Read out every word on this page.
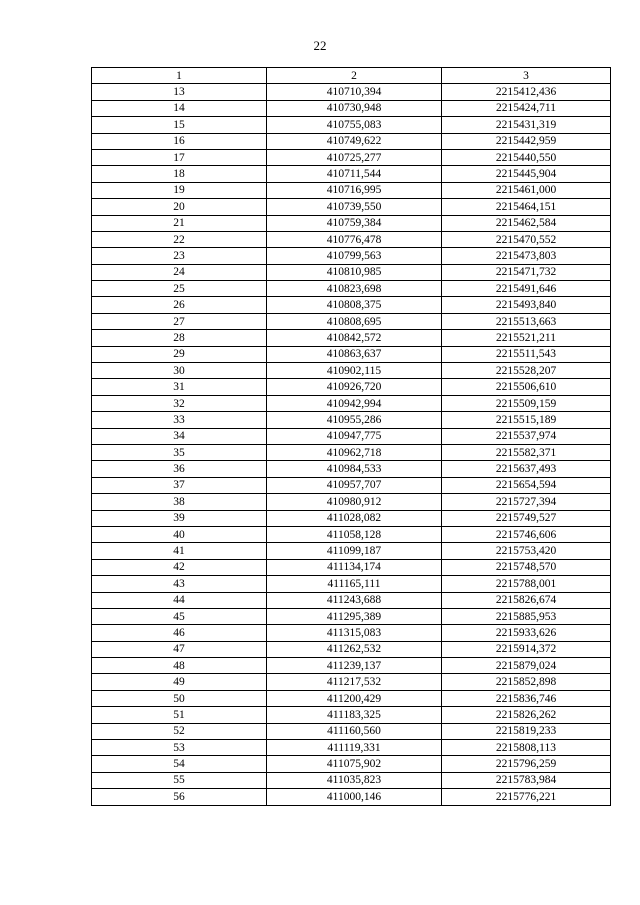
22
1	2	3
13	410710,394	2215412,436
14	410730,948	2215424,711
15	410755,083	2215431,319
16	410749,622	2215442,959
17	410725,277	2215440,550
18	410711,544	2215445,904
19	410716,995	2215461,000
20	410739,550	2215464,151
21	410759,384	2215462,584
22	410776,478	2215470,552
23	410799,563	2215473,803
24	410810,985	2215471,732
25	410823,698	2215491,646
26	410808,375	2215493,840
27	410808,695	2215513,663
28	410842,572	2215521,211
29	410863,637	2215511,543
30	410902,115	2215528,207
31	410926,720	2215506,610
32	410942,994	2215509,159
33	410955,286	2215515,189
34	410947,775	2215537,974
35	410962,718	2215582,371
36	410984,533	2215637,493
37	410957,707	2215654,594
38	410980,912	2215727,394
39	411028,082	2215749,527
40	411058,128	2215746,606
41	411099,187	2215753,420
42	411134,174	2215748,570
43	411165,111	2215788,001
44	411243,688	2215826,674
45	411295,389	2215885,953
46	411315,083	2215933,626
47	411262,532	2215914,372
48	411239,137	2215879,024
49	411217,532	2215852,898
50	411200,429	2215836,746
51	411183,325	2215826,262
52	411160,560	2215819,233
53	411119,331	2215808,113
54	411075,902	2215796,259
55	411035,823	2215783,984
56	411000,146	2215776,221
